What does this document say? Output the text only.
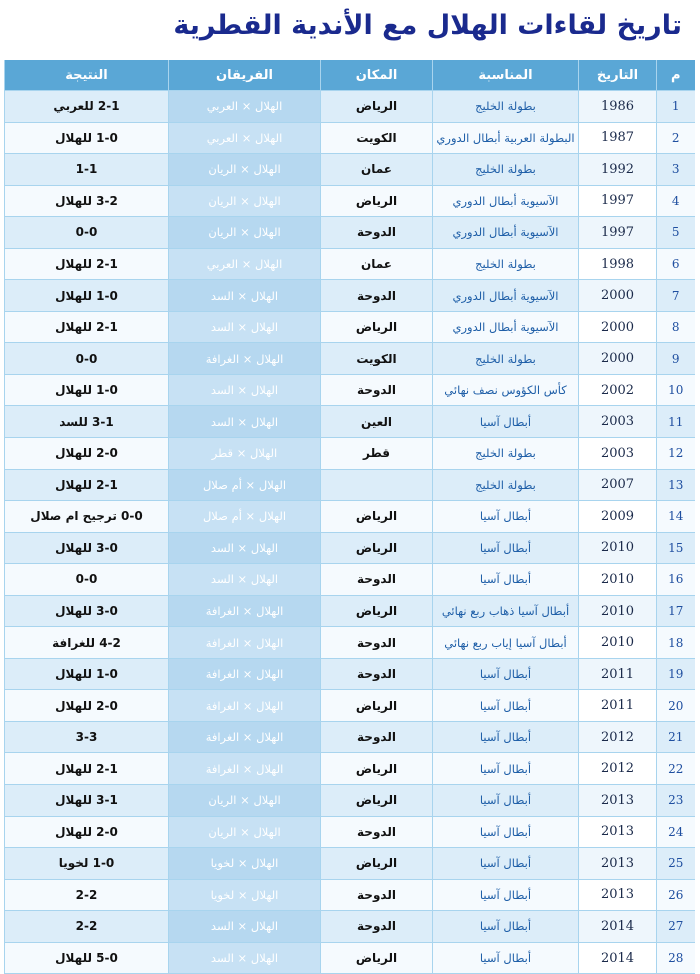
تاريخ لقاءات الهلال مع الأندية القطرية
م	التاريخ	المناسبة	المكان	الفريقان	النتيجة
1	1986	بطولة الخليج	الرياض	الهلال × العربي	2-1 للعربي
2	1987	البطولة العربية أبطال الدوري	الكويت	الهلال × العربي	1-0 للهلال
3	1992	بطولة الخليج	عمان	الهلال × الريان	1-1
4	1997	الآسيوية أبطال الدوري	الرياض	الهلال × الريان	3-2 للهلال
5	1997	الآسيوية أبطال الدوري	الدوحة	الهلال × الريان	0-0
6	1998	بطولة الخليج	عمان	الهلال × العربي	2-1 للهلال
7	2000	الآسيوية أبطال الدوري	الدوحة	الهلال × السد	1-0 للهلال
8	2000	الآسيوية أبطال الدوري	الرياض	الهلال × السد	2-1 للهلال
9	2000	بطولة الخليج	الكويت	الهلال × الغرافة	0-0
10	2002	كأس الكؤوس نصف نهائي	الدوحة	الهلال × السد	1-0 للهلال
11	2003	أبطال آسيا	العين	الهلال × السد	3-1 للسد
12	2003	بطولة الخليج	قطر	الهلال × قطر	2-0 للهلال
13	2007	بطولة الخليج		الهلال × أم صلال	2-1 للهلال
14	2009	أبطال آسيا	الرياض	الهلال × أم صلال	0-0 ترجيح ام صلال
15	2010	أبطال آسيا	الرياض	الهلال × السد	3-0 للهلال
16	2010	أبطال آسيا	الدوحة	الهلال × السد	0-0
17	2010	أبطال آسيا ذهاب ربع نهائي	الرياض	الهلال × الغرافة	3-0 للهلال
18	2010	أبطال آسيا إياب ربع نهائي	الدوحة	الهلال × الغرافة	4-2 للغرافة
19	2011	أبطال آسيا	الدوحة	الهلال × الغرافة	1-0 للهلال
20	2011	أبطال آسيا	الرياض	الهلال × الغرافة	2-0 للهلال
21	2012	أبطال آسيا	الدوحة	الهلال × الغرافة	3-3
22	2012	أبطال آسيا	الرياض	الهلال × الغرافة	2-1 للهلال
23	2013	أبطال آسيا	الرياض	الهلال × الريان	3-1 للهلال
24	2013	أبطال آسيا	الدوحة	الهلال × الريان	2-0 للهلال
25	2013	أبطال آسيا	الرياض	الهلال × لخويا	1-0 لخويا
26	2013	أبطال آسيا	الدوحة	الهلال × لخويا	2-2
27	2014	أبطال آسيا	الدوحة	الهلال × السد	2-2
28	2014	أبطال آسيا	الرياض	الهلال × السد	5-0 للهلال
